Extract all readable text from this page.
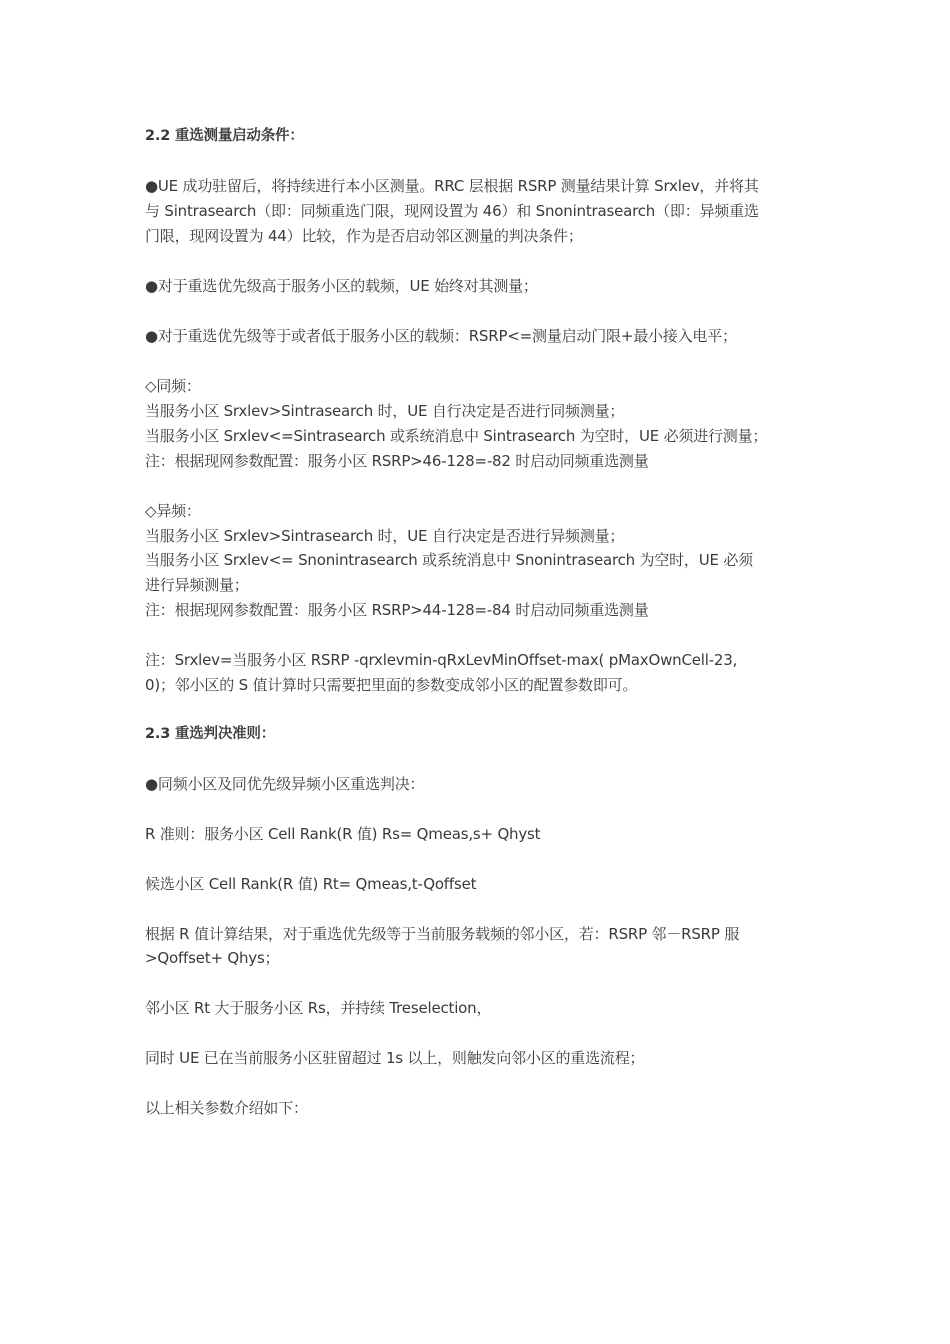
2.2 重选测量启动条件：
●UE 成功驻留后，将持续进行本小区测量。RRC 层根据 RSRP 测量结果计算 Srxlev，并将其
与 Sintrasearch（即：同频重选门限，现网设置为 46）和 Snonintrasearch（即：异频重选
门限，现网设置为 44）比较，作为是否启动邻区测量的判决条件；
●对于重选优先级高于服务小区的载频，UE 始终对其测量；
●对于重选优先级等于或者低于服务小区的载频：RSRP<=测量启动门限+最小接入电平；
◇同频：
当服务小区 Srxlev>Sintrasearch 时，UE 自行决定是否进行同频测量；
当服务小区 Srxlev<=Sintrasearch 或系统消息中 Sintrasearch 为空时，UE 必须进行测量；
注：根据现网参数配置：服务小区 RSRP>46-128=-82 时启动同频重选测量
◇异频：
当服务小区 Srxlev>Sintrasearch 时，UE 自行决定是否进行异频测量；
当服务小区 Srxlev<= Snonintrasearch 或系统消息中 Snonintrasearch 为空时，UE 必须
进行异频测量；
注：根据现网参数配置：服务小区 RSRP>44-128=-84 时启动同频重选测量
注：Srxlev=当服务小区 RSRP -qrxlevmin-qRxLevMinOffset-max( pMaxOwnCell-23,
0)；邻小区的 S 值计算时只需要把里面的参数变成邻小区的配置参数即可。
2.3 重选判决准则：
●同频小区及同优先级异频小区重选判决：
R 准则：服务小区 Cell Rank(R 值) Rs= Qmeas,s+ Qhyst
候选小区 Cell Rank(R 值) Rt= Qmeas,t-Qoffset
根据 R 值计算结果，对于重选优先级等于当前服务载频的邻小区，若：RSRP 邻－RSRP 服
>Qoffset+ Qhys；
邻小区 Rt 大于服务小区 Rs，并持续 Treselection，
同时 UE 已在当前服务小区驻留超过 1s 以上，则触发向邻小区的重选流程；
以上相关参数介绍如下：
